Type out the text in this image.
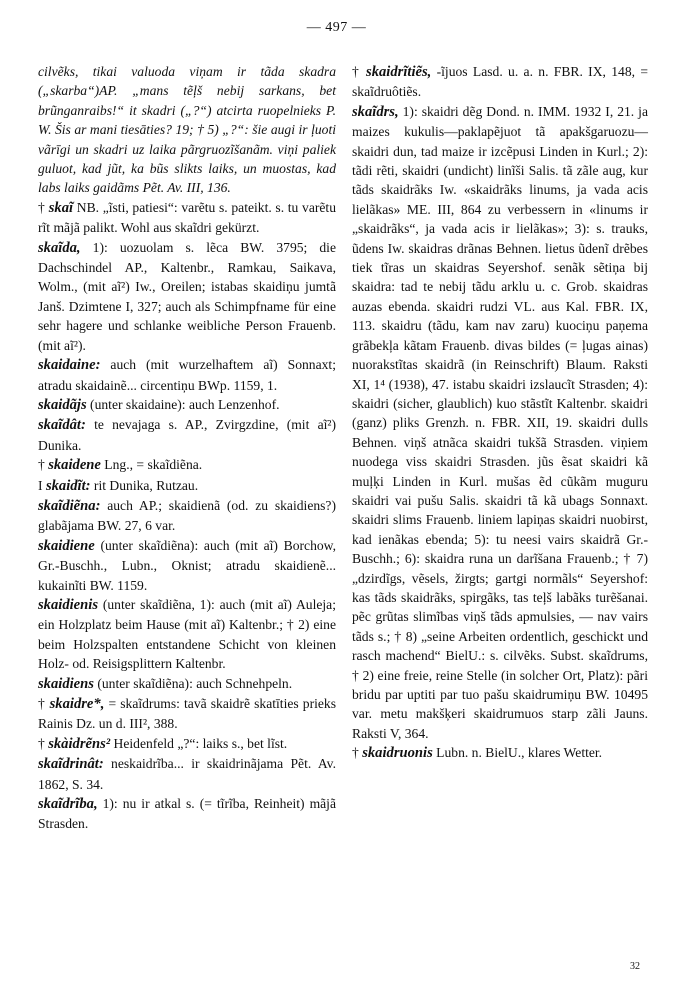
— 497 —

cilvẽks, tikai valuoda viņam ir tãda skadra („skarba“)AP. „mans tẽļš nebij sarkans, bet brũnganraibs!“ it skadri („?“) atcirta ruopelnieks P. W. Šis ar mani tiesāties? 19; † 5) „?“: šie augi ir ļuoti vãrīgi un skadri uz laika pãrgruozĩšanãm. viņi paliek guluot, kad jũt, ka bũs slikts laiks, un muostas, kad labs laiks gaidãms Pẽt. Av. III, 136.

† skaĩ NB. „ĩsti, patiesi“: varẽtu s. pateikt. s. tu varẽtu rĩt mãjã palikt. Wohl aus skaĩdri gekürzt.

skaĩda, 1): uozuolam s. lẽca BW. 3795; die Dachschindel AP., Kaltenbr., Ramkau, Saikava, Wolm., (mit aĩ²) Iw., Oreilen; istabas skaidiņu jumtã Janš. Dzimtene I, 327; auch als Schimpfname für eine sehr hagere und schlanke weibliche Person Frauenb. (mit aĩ²).

skaidaine: auch (mit wurzelhaftem aĩ) Sonnaxt; atradu skaidainẽ... circentiņu BWp. 1159, 1.

skaidãjs (unter skaidaine): auch Lenzenhof.

skaĩdât: te nevajaga s. AP., Zvirgzdine, (mit aĩ²) Dunika.

† skaidene Lng., = skaĩdiẽna.

I skaidĩt: rit Dunika, Rutzau.

skaĩdiẽna: auch AP.; skaidienã (od. zu skaidiens?) glabãjama BW. 27, 6 var.

skaidiene (unter skaĩdiẽna): auch (mit aĩ) Borchow, Gr.-Buschh., Lubn., Oknist; atradu skaidienẽ... kukainĩti BW. 1159.

skaidienis (unter skaĩdiẽna, 1): auch (mit aĩ) Auleja; ein Holzplatz beim Hause (mit aĩ) Kaltenbr.; † 2) eine beim Holzspalten entstandene Schicht von kleinen Holz- od. Reisigsplittern Kaltenbr.

skaidiens (unter skaĩdiẽna): auch Schnehpeln.

† skaidre*, = skaĩdrums: tavã skaidrẽ skatīties prieks Rainis Dz. un d. III², 388.

† skàidrẽns² Heidenfeld „?“: laiks s., bet lĩst.

skaĩdrinât: neskaidrĩba... ir skaidrinãjama Pẽt. Av. 1862, S. 34.

skaĩdrĩba, 1): nu ir atkal s. (= tĩrĩba, Reinheit) mãjã Strasden.

† skaidrĩtiẽs, -ĩjuos Lasd. u. a. n. FBR. IX, 148, = skaĩdruôtiẽs.

skaĩdrs, 1): skaidri dẽg Dond. n. IMM. 1932 I, 21. ja maizes kukulis—paklapẽjuot tã apakšgaruozu—skaidri dun, tad maize ir izcẽpusi Linden in Kurl.; 2): tãdi rẽti, skaidri (undicht) linĩši Salis. tã zãle aug, kur tãds skaidrãks Iw. «skaidrãks linums, ja vada acis lielãkas» ME. III, 864 zu verbessern in «linums ir „skaidrãks“, ja vada acis ir lielãkas»; 3): s. trauks, ũdens Iw. skaidras drãnas Behnen. lietus ũdenĩ drẽbes tiek tĩras un skaidras Seyershof. senãk sẽtiņa bij skaidra: tad te nebij tãdu arklu u. c. Grob. skaidras auzas ebenda. skaidri rudzi VL. aus Kal. FBR. IX, 113. skaidru (tãdu, kam nav zaru) kuociņu paņema grãbekļa kãtam Frauenb. divas bildes (= ļugas ainas) nuorakstĩtas skaidrã (in Reinschrift) Blaum. Raksti XI, 1⁴ (1938), 47. istabu skaidri izslaucĩt Strasden; 4): skaidri (sicher, glaublich) kuo stãstĩt Kaltenbr. skaidri (ganz) pliks Grenzh. n. FBR. XII, 19. skaidri dulls Behnen. viņš atnãca skaidri tukšã Strasden. viņiem nuodega viss skaidri Strasden. jũs ẽsat skaidri kã muļķi Linden in Kurl. mušas ẽd cũkãm muguru skaidri vai pušu Salis. skaidri tã kã ubags Sonnaxt. skaidri slims Frauenb. liniem lapiņas skaidri nuobirst, kad ienãkas ebenda; 5): tu neesi vairs skaidrã Gr.-Buschh.; 6): skaidra runa un darĩšana Frauenb.; † 7) „dzirdĩgs, vẽsels, žirgts; gartgi normãls“ Seyershof: kas tãds skaidrãks, spirgãks, tas teļš labãks turẽšanai. pẽc grũtas slimĩbas viņš tãds apmulsies, — nav vairs tãds s.; † 8) „seine Arbeiten ordentlich, geschickt und rasch machend“ BielU.: s. cilvẽks. Subst. skaĩdrums, † 2) eine freie, reine Stelle (in solcher Ort, Platz): pãri bridu par uptiti par tuo pašu skaidrumiņu BW. 10495 var. metu makšķeri skaidrumuos starp zãli Jauns. Raksti V, 364.

† skaidruonis Lubn. n. BielU., klares Wetter.

32
